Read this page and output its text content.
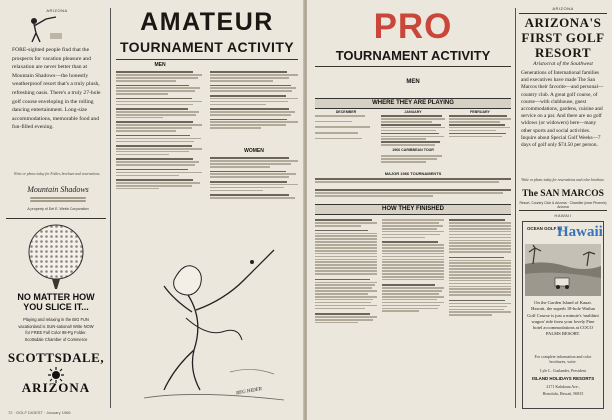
ARIZONA
FORE-sighted people find that the prospects for vacation pleasure and relaxation are never better than at Mountain Shadows—the honestly weatherproof resort that's a truly plush, refreshing oasis. There's a truly 27-hole golf course enveloping in the rolling dancing entertainment. Long-size accommodations, memorable food and fun-filled evening.
Write or phone today for Folder, brochure and reservations.
Mountain Shadows
A property of Del E. Webb Corporation
NO MATTER HOW
YOU SLICE IT...
Playing and relaxing in the BIG FUN vacationland is SUN-sational! Write NOW for FREE Full Color 88-Pg Folder. Scottsdale Chamber of Commerce
SCOTTSDALE,
ARIZONA
72 · GOLF DIGEST · January 1966
AMATEUR
TOURNAMENT ACTIVITY
MEN
WOMEN
REG HIDER
PRO
TOURNAMENT ACTIVITY
MEN
WHERE THEY ARE PLAYING
DECEMBER	JANUARY	FEBRUARY
1966 CARIBBEAN TOUR
MAJOR 1966 TOURNAMENTS
HOW THEY FINISHED
ARIZONA
ARIZONA'S
FIRST GOLF
RESORT
Aristocrat of the Southwest
Generations of International families and executives have made The San Marcos their favorite—and personal—country club. A great golf course, of course—with clubhouse, guest accommodations, gardens, cuisine and service on a par. And there are no golf widows (or widowers) here—many other sports and social activities. Inquire about Special Golf Weeks—7 days of golf only $74.50 per person.
Write or phone today for reservations and color brochure.
The SAN MARCOS
Resort, Country Club & Arizona · Chandler (near Phoenix) Arizona
HAWAII
OCEAN GOLF IN
Hawaii
On the Garden Island of Kauai. Hawaii, the superb 18-hole Wailua Golf Course is just a minute's 'malihini wagon' ride from your lovely Fine hotel accommodations at COCO PALMS RESORT.
For complete information and color brochures, write:
Lyle L. Guslander, President
ISLAND HOLIDAYS RESORTS
2171 Kalakaua Ave.,
Honolulu, Hawaii, 96815
